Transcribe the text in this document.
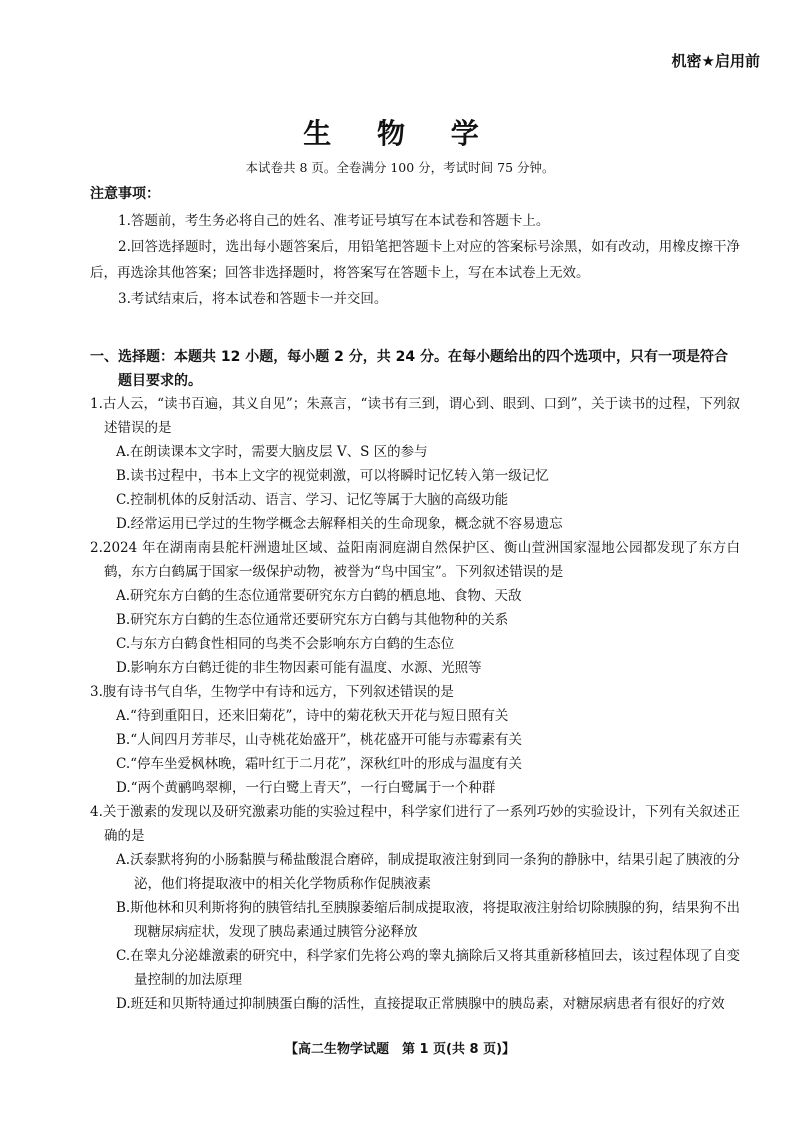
机密★启用前
生 物 学
本试卷共 8 页。全卷满分 100 分，考试时间 75 分钟。
注意事项：

1.答题前，考生务必将自己的姓名、准考证号填写在本试卷和答题卡上。

2.回答选择题时，选出每小题答案后，用铅笔把答题卡上对应的答案标号涂黑，如有改动，用橡皮擦干净后，再选涂其他答案；回答非选择题时，将答案写在答题卡上，写在本试卷上无效。

3.考试结束后，将本试卷和答题卡一并交回。

一、选择题：本题共 12 小题，每小题 2 分，共 24 分。在每小题给出的四个选项中，只有一项是符合题目要求的。

1.古人云，“读书百遍，其义自见”；朱熹言，“读书有三到，谓心到、眼到、口到”，关于读书的过程，下列叙述错误的是

A.在朗读课本文字时，需要大脑皮层 V、S 区的参与

B.读书过程中，书本上文字的视觉刺激，可以将瞬时记忆转入第一级记忆

C.控制机体的反射活动、语言、学习、记忆等属于大脑的高级功能

D.经常运用已学过的生物学概念去解释相关的生命现象，概念就不容易遗忘

2.2024 年在湖南南县舵杆洲遗址区域、益阳南洞庭湖自然保护区、衡山萱洲国家湿地公园都发现了东方白鹤，东方白鹤属于国家一级保护动物，被誉为“鸟中国宝”。下列叙述错误的是

A.研究东方白鹤的生态位通常要研究东方白鹤的栖息地、食物、天敌

B.研究东方白鹤的生态位通常还要研究东方白鹤与其他物种的关系

C.与东方白鹤食性相同的鸟类不会影响东方白鹤的生态位

D.影响东方白鹤迁徙的非生物因素可能有温度、水源、光照等

3.腹有诗书气自华，生物学中有诗和远方，下列叙述错误的是

A.“待到重阳日，还来旧菊花”，诗中的菊花秋天开花与短日照有关

B.“人间四月芳菲尽，山寺桃花始盛开”，桃花盛开可能与赤霉素有关

C.“停车坐爱枫林晚，霜叶红于二月花”，深秋红叶的形成与温度有关

D.“两个黄鹂鸣翠柳，一行白鹭上青天”，一行白鹭属于一个种群

4.关于激素的发现以及研究激素功能的实验过程中，科学家们进行了一系列巧妙的实验设计，下列有关叙述正确的是

A.沃泰默将狗的小肠黏膜与稀盐酸混合磨碎，制成提取液注射到同一条狗的静脉中，结果引起了胰液的分泌，他们将提取液中的相关化学物质称作促胰液素

B.斯他林和贝利斯将狗的胰管结扎至胰腺萎缩后制成提取液，将提取液注射给切除胰腺的狗，结果狗不出现糖尿病症状，发现了胰岛素通过胰管分泌释放

C.在睾丸分泌雄激素的研究中，科学家们先将公鸡的睾丸摘除后又将其重新移植回去，该过程体现了自变量控制的加法原理

D.班廷和贝斯特通过抑制胰蛋白酶的活性，直接提取正常胰腺中的胰岛素，对糖尿病患者有很好的疗效

【高二生物学试题　第 1 页(共 8 页)】
